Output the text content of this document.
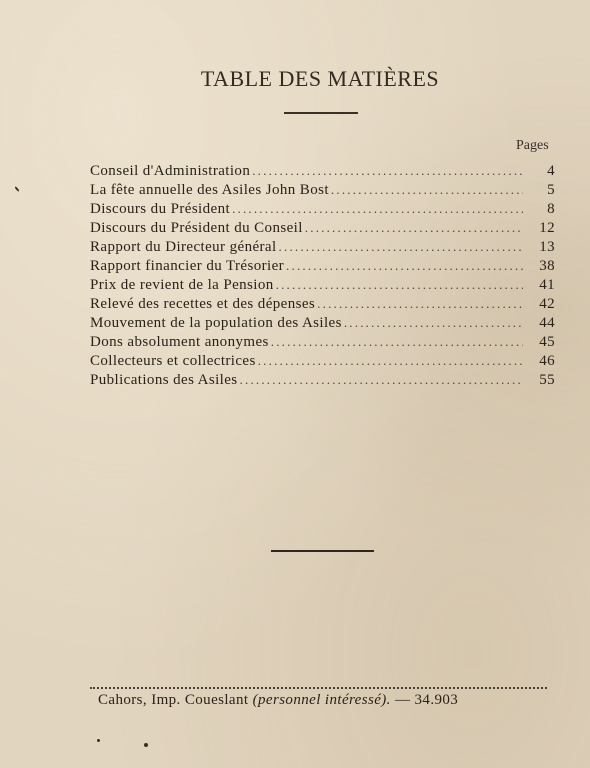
TABLE DES MATIÈRES
Pages
Conseil d'Administration .....	4
La fête annuelle des Asiles John Bost .....	5
Discours du Président .....	8
Discours du Président du Conseil .....	12
Rapport du Directeur général .....	13
Rapport financier du Trésorier .....	38
Prix de revient de la Pension .....	41
Relevé des recettes et des dépenses .....	42
Mouvement de la population des Asiles .....	44
Dons absolument anonymes .....	45
Collecteurs et collectrices .....	46
Publications des Asiles .....	55
Cahors, Imp. Coueslant (personnel intéressé). — 34.903
